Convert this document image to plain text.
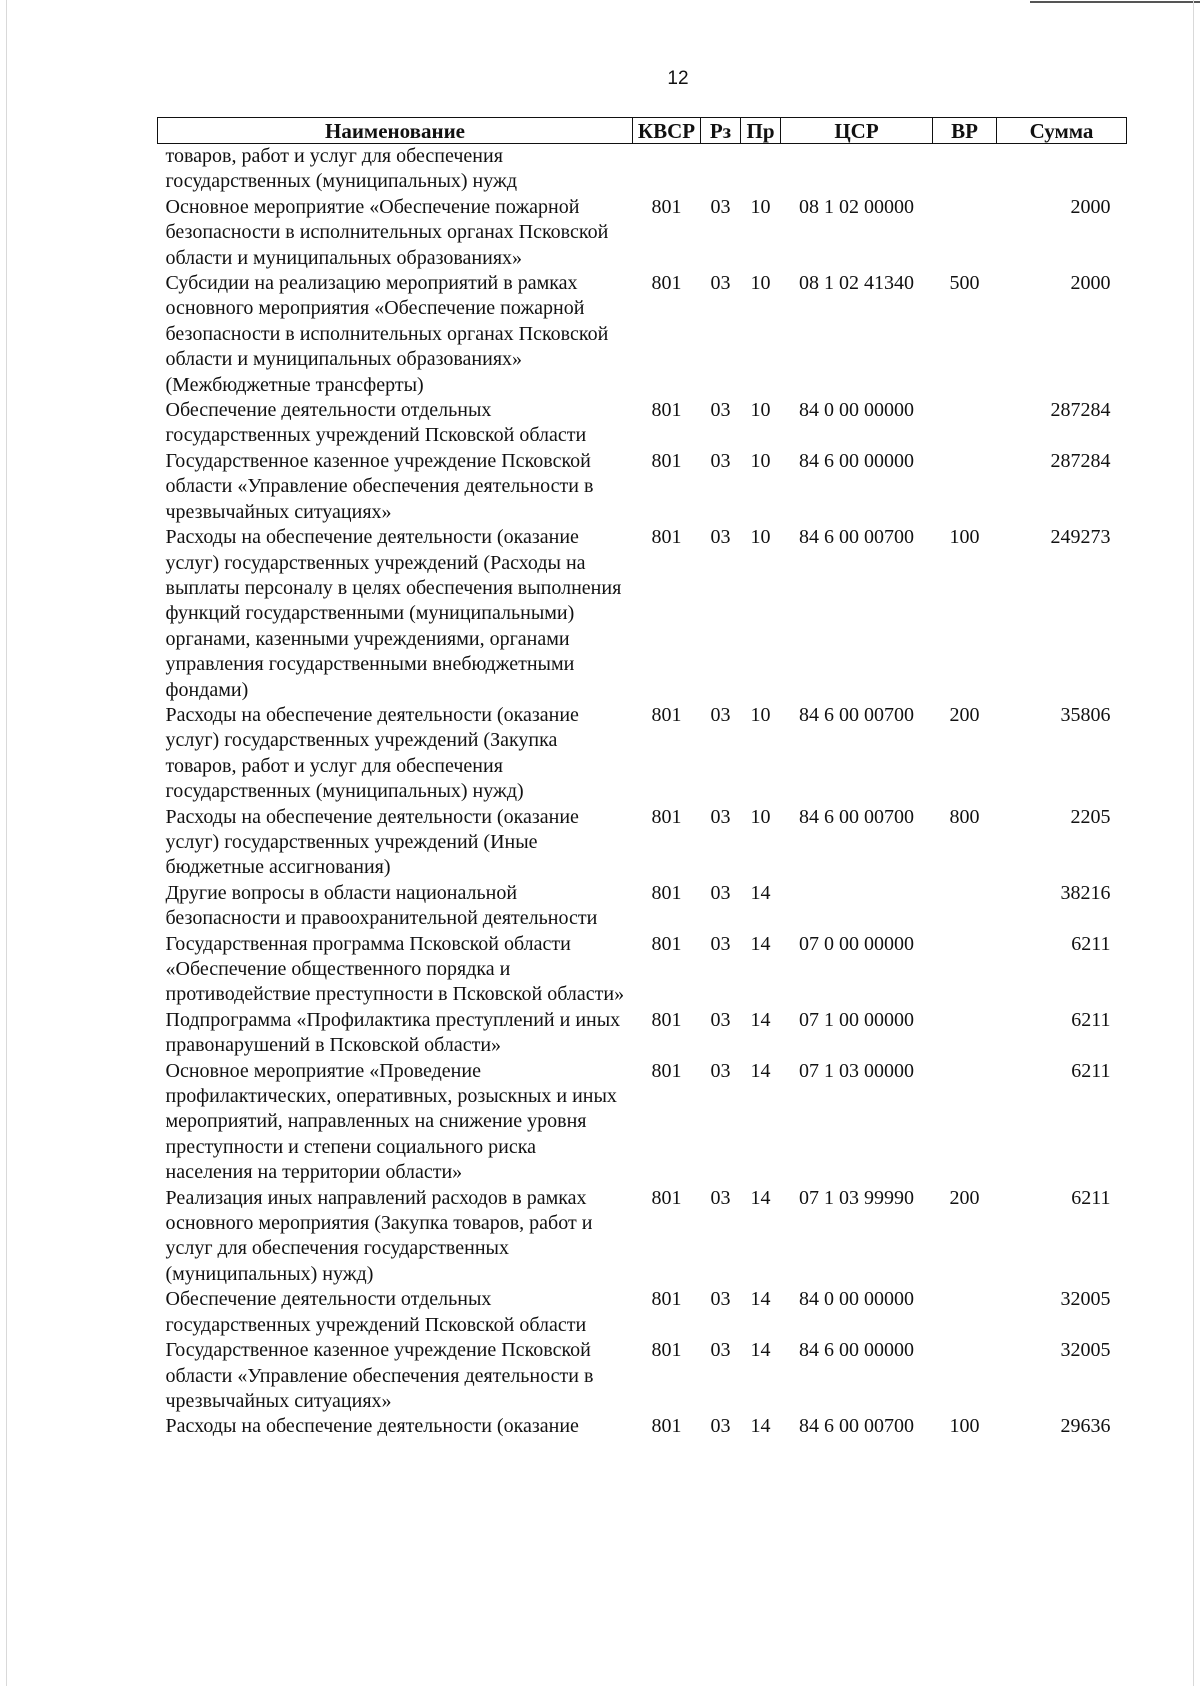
12
Наименование	КВСР	Рз	Пр	ЦСР	ВР	Сумма
товаров, работ и услуг для обеспечения государственных (муниципальных) нужд						
Основное мероприятие «Обеспечение пожарной безопасности в исполнительных органах Псковской области и муниципальных образованиях»	801	03	10	08 1 02 00000		2000
Субсидии на реализацию мероприятий в рамках основного мероприятия «Обеспечение пожарной безопасности в исполнительных органах Псковской области и муниципальных образованиях» (Межбюджетные трансферты)	801	03	10	08 1 02 41340	500	2000
Обеспечение деятельности отдельных государственных учреждений Псковской области	801	03	10	84 0 00 00000		287284
Государственное казенное учреждение Псковской области «Управление обеспечения деятельности в чрезвычайных ситуациях»	801	03	10	84 6 00 00000		287284
Расходы на обеспечение деятельности (оказание услуг) государственных учреждений (Расходы на выплаты персоналу в целях обеспечения выполнения функций государственными (муниципальными) органами, казенными учреждениями, органами управления государственными внебюджетными фондами)	801	03	10	84 6 00 00700	100	249273
Расходы на обеспечение деятельности (оказание услуг) государственных учреждений (Закупка товаров, работ и услуг для обеспечения государственных (муниципальных) нужд)	801	03	10	84 6 00 00700	200	35806
Расходы на обеспечение деятельности (оказание услуг) государственных учреждений (Иные бюджетные ассигнования)	801	03	10	84 6 00 00700	800	2205
Другие вопросы в области национальной безопасности и правоохранительной деятельности	801	03	14			38216
Государственная программа Псковской области «Обеспечение общественного порядка и противодействие преступности в Псковской области»	801	03	14	07 0 00 00000		6211
Подпрограмма «Профилактика преступлений и иных правонарушений в Псковской области»	801	03	14	07 1 00 00000		6211
Основное мероприятие «Проведение профилактических, оперативных, розыскных и иных мероприятий, направленных на снижение уровня преступности и степени социального риска населения на территории области»	801	03	14	07 1 03 00000		6211
Реализация иных направлений расходов в рамках основного мероприятия (Закупка товаров, работ и услуг для обеспечения государственных (муниципальных) нужд)	801	03	14	07 1 03 99990	200	6211
Обеспечение деятельности отдельных государственных учреждений Псковской области	801	03	14	84 0 00 00000		32005
Государственное казенное учреждение Псковской области «Управление обеспечения деятельности в чрезвычайных ситуациях»	801	03	14	84 6 00 00000		32005
Расходы на обеспечение деятельности (оказание	801	03	14	84 6 00 00700	100	29636
